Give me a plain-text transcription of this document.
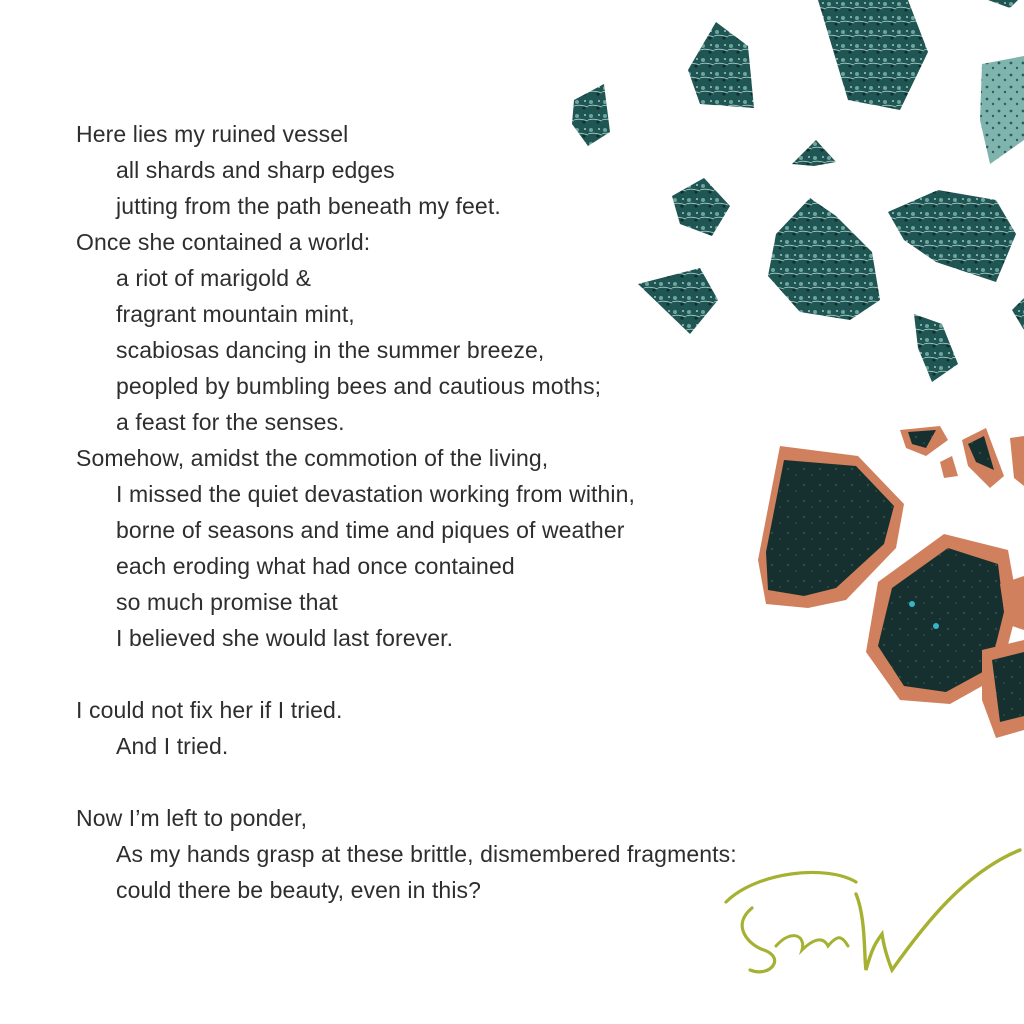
Here lies my ruined vessel
all shards and sharp edges
jutting from the path beneath my feet.
Once she contained a world:
a riot of marigold &
fragrant mountain mint,
scabiosas dancing in the summer breeze,
peopled by bumbling bees and cautious moths;
a feast for the senses.
Somehow, amidst the commotion of the living,
I missed the quiet devastation working from within,
borne of seasons and time and piques of weather
each eroding what had once contained
so much promise that
I believed she would last forever.
I could not fix her if I tried.
And I tried.
Now I’m left to ponder,
As my hands grasp at these brittle, dismembered fragments:
could there be beauty, even in this?
